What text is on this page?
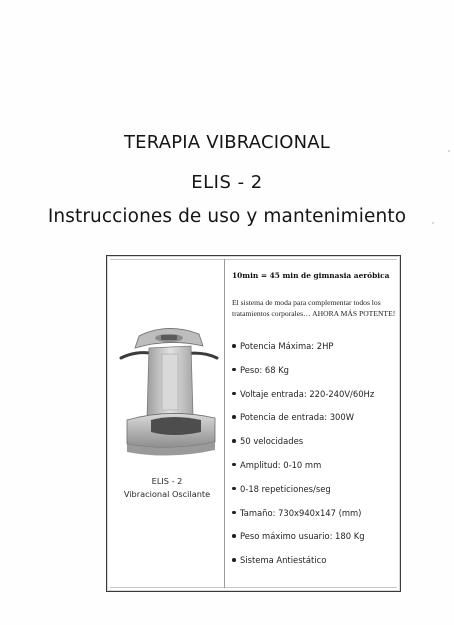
TERAPIA VIBRACIONAL
ELIS - 2
Instrucciones de uso y mantenimiento
ELIS - 2
Vibracional Oscilante
10min = 45 min de gimnasia aeróbica
El sistema de moda para complementar todos los tratamientos corporales… AHORA MÁS POTENTE!
Potencia Máxima: 2HP
Peso: 68 Kg
Voltaje entrada: 220-240V/60Hz
Potencia de entrada: 300W
50 velocidades
Amplitud: 0-10 mm
0-18 repeticiones/seg
Tamaño: 730x940x147 (mm)
Peso máximo usuario: 180 Kg
Sistema Antiestático
